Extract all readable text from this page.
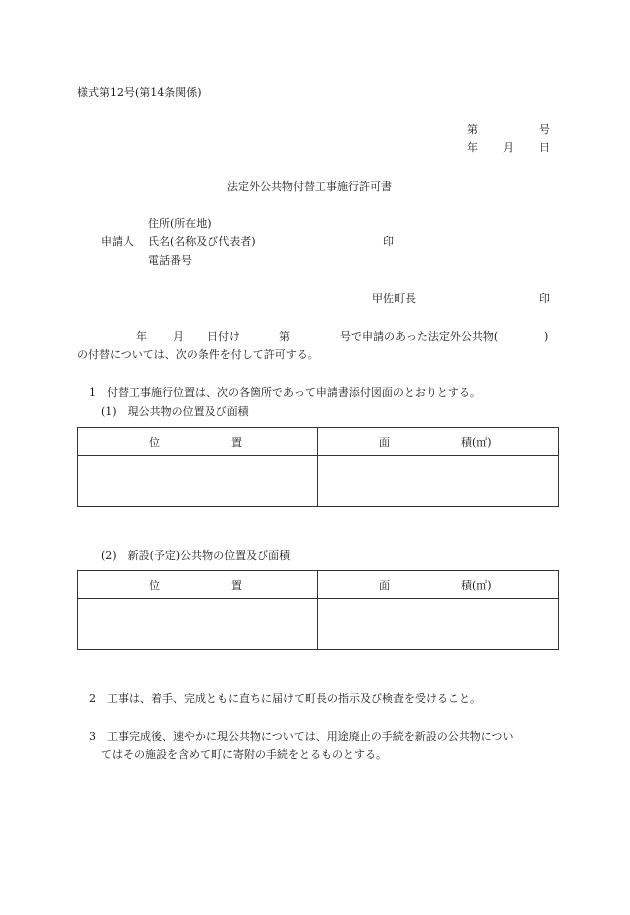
様式第12号(第14条関係)
第	号
年 月 日
法定外公共物付替工事施行許可書
住所(所在地)
申請人 氏名(名称及び代表者)	印
電話番号
甲佐町長	印
年 月 日付け	第	号で申請のあった法定外公共物(	)
の付替については、次の条件を付して許可する。
1　付替工事施行位置は、次の各箇所であって申請書添付図面のとおりとする。
(1)　現公共物の位置及び面積
位 置	面 積(㎡)

(2)　新設(予定)公共物の位置及び面積
位 置	面 積(㎡)

2　工事は、着手、完成ともに直ちに届けて町長の指示及び検査を受けること。
3　工事完成後、速やかに現公共物については、用途廃止の手続を新設の公共物につい
てはその施設を含めて町に寄附の手続をとるものとする。
